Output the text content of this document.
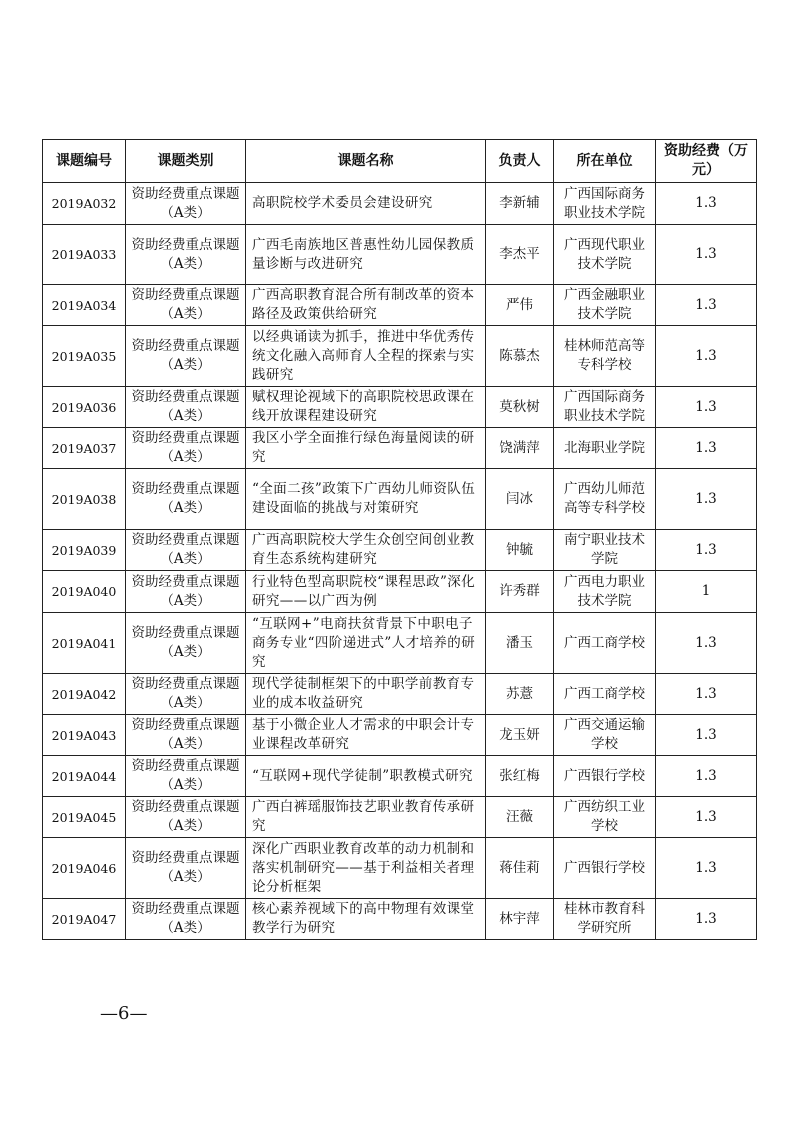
课题编号	课题类别	课题名称	负责人	所在单位	资助经费（万元）
2019A032	资助经费重点课题（A类）	高职院校学术委员会建设研究	李新辅	广西国际商务职业技术学院	1.3
2019A033	资助经费重点课题（A类）	广西毛南族地区普惠性幼儿园保教质量诊断与改进研究	李杰平	广西现代职业技术学院	1.3
2019A034	资助经费重点课题（A类）	广西高职教育混合所有制改革的资本路径及政策供给研究	严伟	广西金融职业技术学院	1.3
2019A035	资助经费重点课题（A类）	以经典诵读为抓手，推进中华优秀传统文化融入高师育人全程的探索与实践研究	陈慕杰	桂林师范高等专科学校	1.3
2019A036	资助经费重点课题（A类）	赋权理论视域下的高职院校思政课在线开放课程建设研究	莫秋树	广西国际商务职业技术学院	1.3
2019A037	资助经费重点课题（A类）	我区小学全面推行绿色海量阅读的研究	饶满萍	北海职业学院	1.3
2019A038	资助经费重点课题（A类）	“全面二孩”政策下广西幼儿师资队伍建设面临的挑战与对策研究	闫冰	广西幼儿师范高等专科学校	1.3
2019A039	资助经费重点课题（A类）	广西高职院校大学生众创空间创业教育生态系统构建研究	钟毓	南宁职业技术学院	1.3
2019A040	资助经费重点课题（A类）	行业特色型高职院校“课程思政”深化研究——以广西为例	许秀群	广西电力职业技术学院	1
2019A041	资助经费重点课题（A类）	“互联网+”电商扶贫背景下中职电子商务专业“四阶递进式”人才培养的研究	潘玉	广西工商学校	1.3
2019A042	资助经费重点课题（A类）	现代学徒制框架下的中职学前教育专业的成本收益研究	苏薏	广西工商学校	1.3
2019A043	资助经费重点课题（A类）	基于小微企业人才需求的中职会计专业课程改革研究	龙玉妍	广西交通运输学校	1.3
2019A044	资助经费重点课题（A类）	“互联网+现代学徒制”职教模式研究	张红梅	广西银行学校	1.3
2019A045	资助经费重点课题（A类）	广西白裤瑶服饰技艺职业教育传承研究	汪薇	广西纺织工业学校	1.3
2019A046	资助经费重点课题（A类）	深化广西职业教育改革的动力机制和落实机制研究——基于利益相关者理论分析框架	蒋佳莉	广西银行学校	1.3
2019A047	资助经费重点课题（A类）	核心素养视域下的高中物理有效课堂教学行为研究	林宇萍	桂林市教育科学研究所	1.3
—6—
